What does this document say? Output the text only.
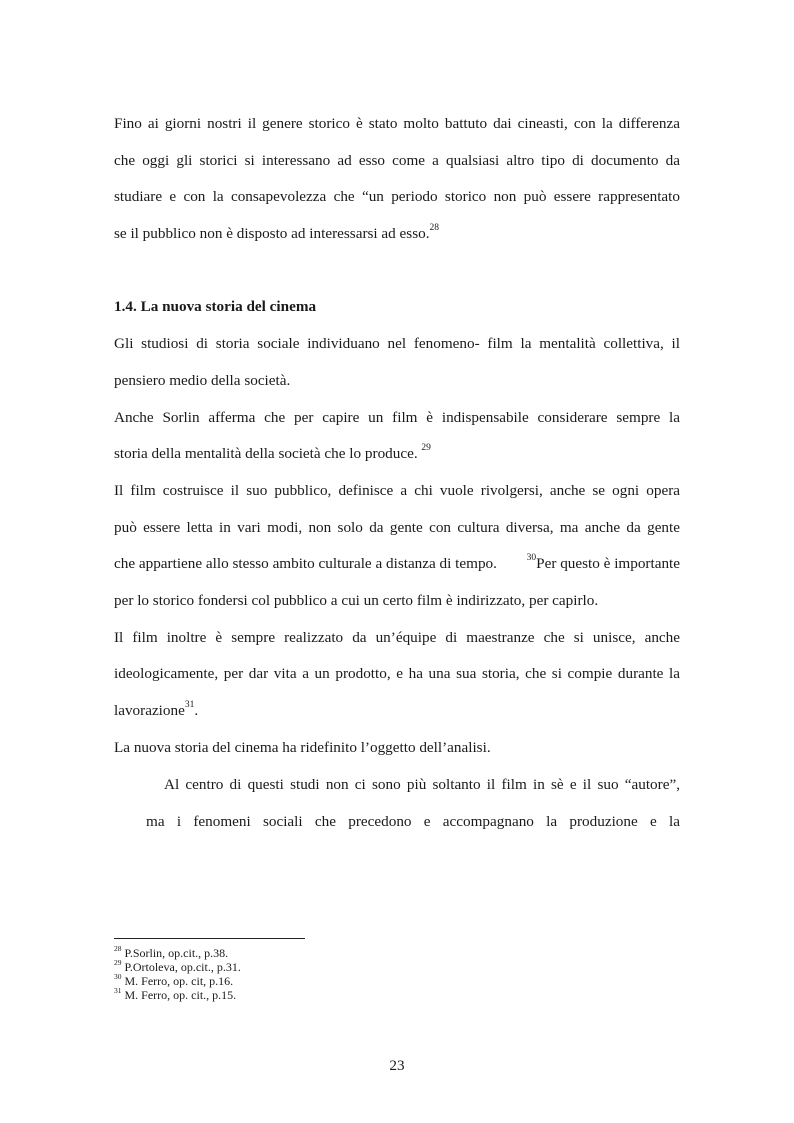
Fino ai giorni nostri il genere storico è stato molto battuto dai cineasti, con la differenza
che oggi gli storici si interessano ad esso come a qualsiasi altro tipo di documento da
studiare e con la consapevolezza che “un periodo storico non può essere rappresentato
se il pubblico non è disposto ad interessarsi ad esso.$^{28}$
1.4. La nuova storia del cinema
Gli studiosi di storia sociale individuano nel fenomeno- film la mentalità collettiva, il
pensiero medio della società.
Anche Sorlin afferma che per capire un film è indispensabile considerare sempre la
storia della mentalità della società che lo produce. $^{29}$
Il film costruisce il suo pubblico, definisce a chi vuole rivolgersi, anche se ogni opera
può essere letta in vari modi, non solo da gente con cultura diversa, ma anche da gente
che appartiene allo stesso ambito culturale a distanza di tempo.	$^{30}$Per questo è importante
per lo storico fondersi col pubblico a cui un certo film è indirizzato, per capirlo.
Il film inoltre è sempre realizzato da un’équipe di maestranze che si unisce, anche
ideologicamente, per dar vita a un prodotto, e ha una sua storia, che si compie durante la
lavorazione$^{31}$.
La nuova storia del cinema ha ridefinito l’oggetto dell’analisi.
Al centro di questi studi non ci sono più soltanto il film in sè e il suo “autore”,
ma i fenomeni sociali che precedono e accompagnano la produzione e la
$^{28}$ P.Sorlin, op.cit., p.38.
$^{29}$ P.Ortoleva, op.cit., p.31.
$^{30}$ M. Ferro, op. cit, p.16.
$^{31}$ M. Ferro, op. cit., p.15.
23
